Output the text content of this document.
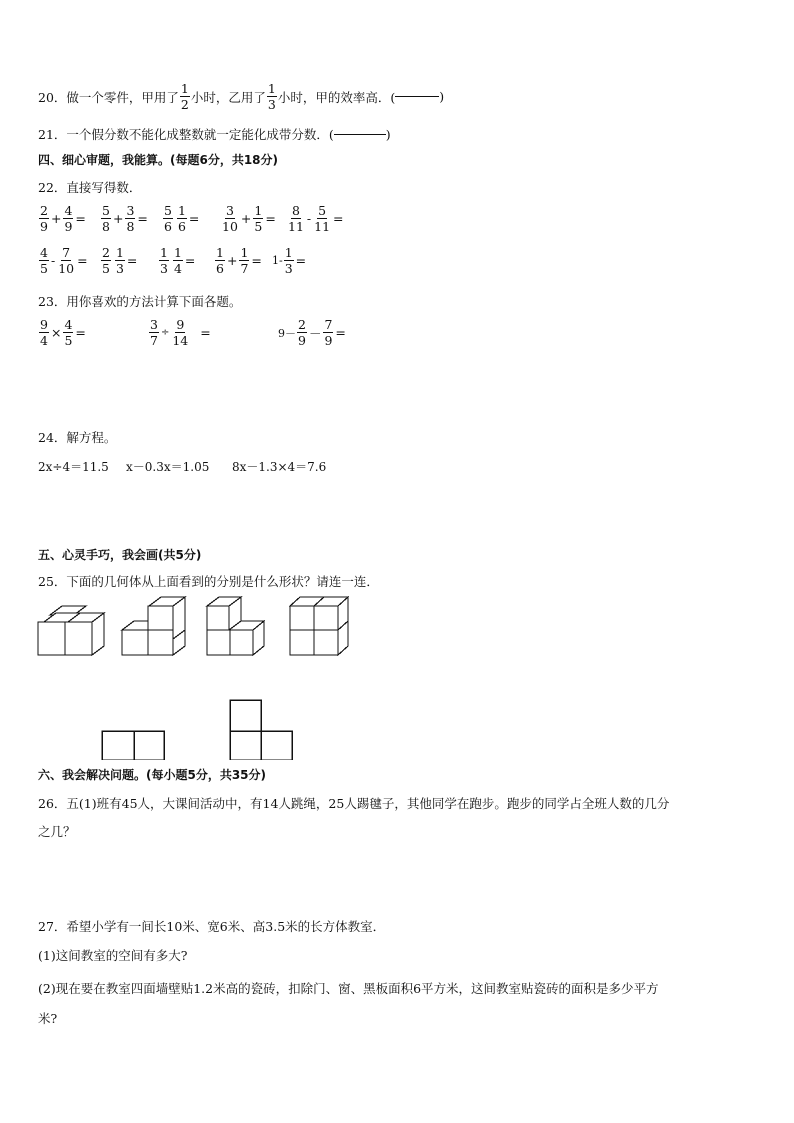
20．做一个零件，甲用了 $\frac{1}{2}$ 小时，乙用了 $\frac{1}{3}$ 小时，甲的效率高．(	)
21．一个假分数不能化成整数就一定能化成带分数．(	)
四、细心审题，我能算。(每题6分，共18分)
22．直接写得数．
$\frac{2}{9} + \frac{4}{9} = \frac{5}{8} + \frac{3}{8} = \frac{5}{6} \frac{1}{6} = \frac{3}{10} + \frac{1}{5} = \frac{8}{11} - \frac{5}{11}$ =
$\frac{4}{5} - \frac{7}{10} = \frac{2}{5} \frac{1}{3} = \frac{1}{3} \frac{1}{4} = \frac{1}{6} + \frac{1}{7} = 1- \frac{1}{3}$ =
23．用你喜欢的方法计算下面各题。
$\frac{9}{4} \times \frac{4}{5}$ =	$\frac{3}{7} \div \frac{9}{14}$ =	$9- \frac{2}{9} - \frac{7}{9}$ =
24．解方程。
2x÷4＝11.5 x－0.3x＝1.05 8x－1.3×4＝7.6
五、心灵手巧，我会画(共5分)
25．下面的几何体从上面看到的分别是什么形状？请连一连．
六、我会解决问题。(每小题5分，共35分)
26．五(1)班有45人，大课间活动中，有14人跳绳，25人踢毽子，其他同学在跑步。跑步的同学占全班人数的几分
之几？
27．希望小学有一间长10米、宽6米、高3.5米的长方体教室．
(1)这间教室的空间有多大?
(2)现在要在教室四面墙壁贴1.2米高的瓷砖，扣除门、窗、黑板面积6平方米，这间教室贴瓷砖的面积是多少平方
米?
